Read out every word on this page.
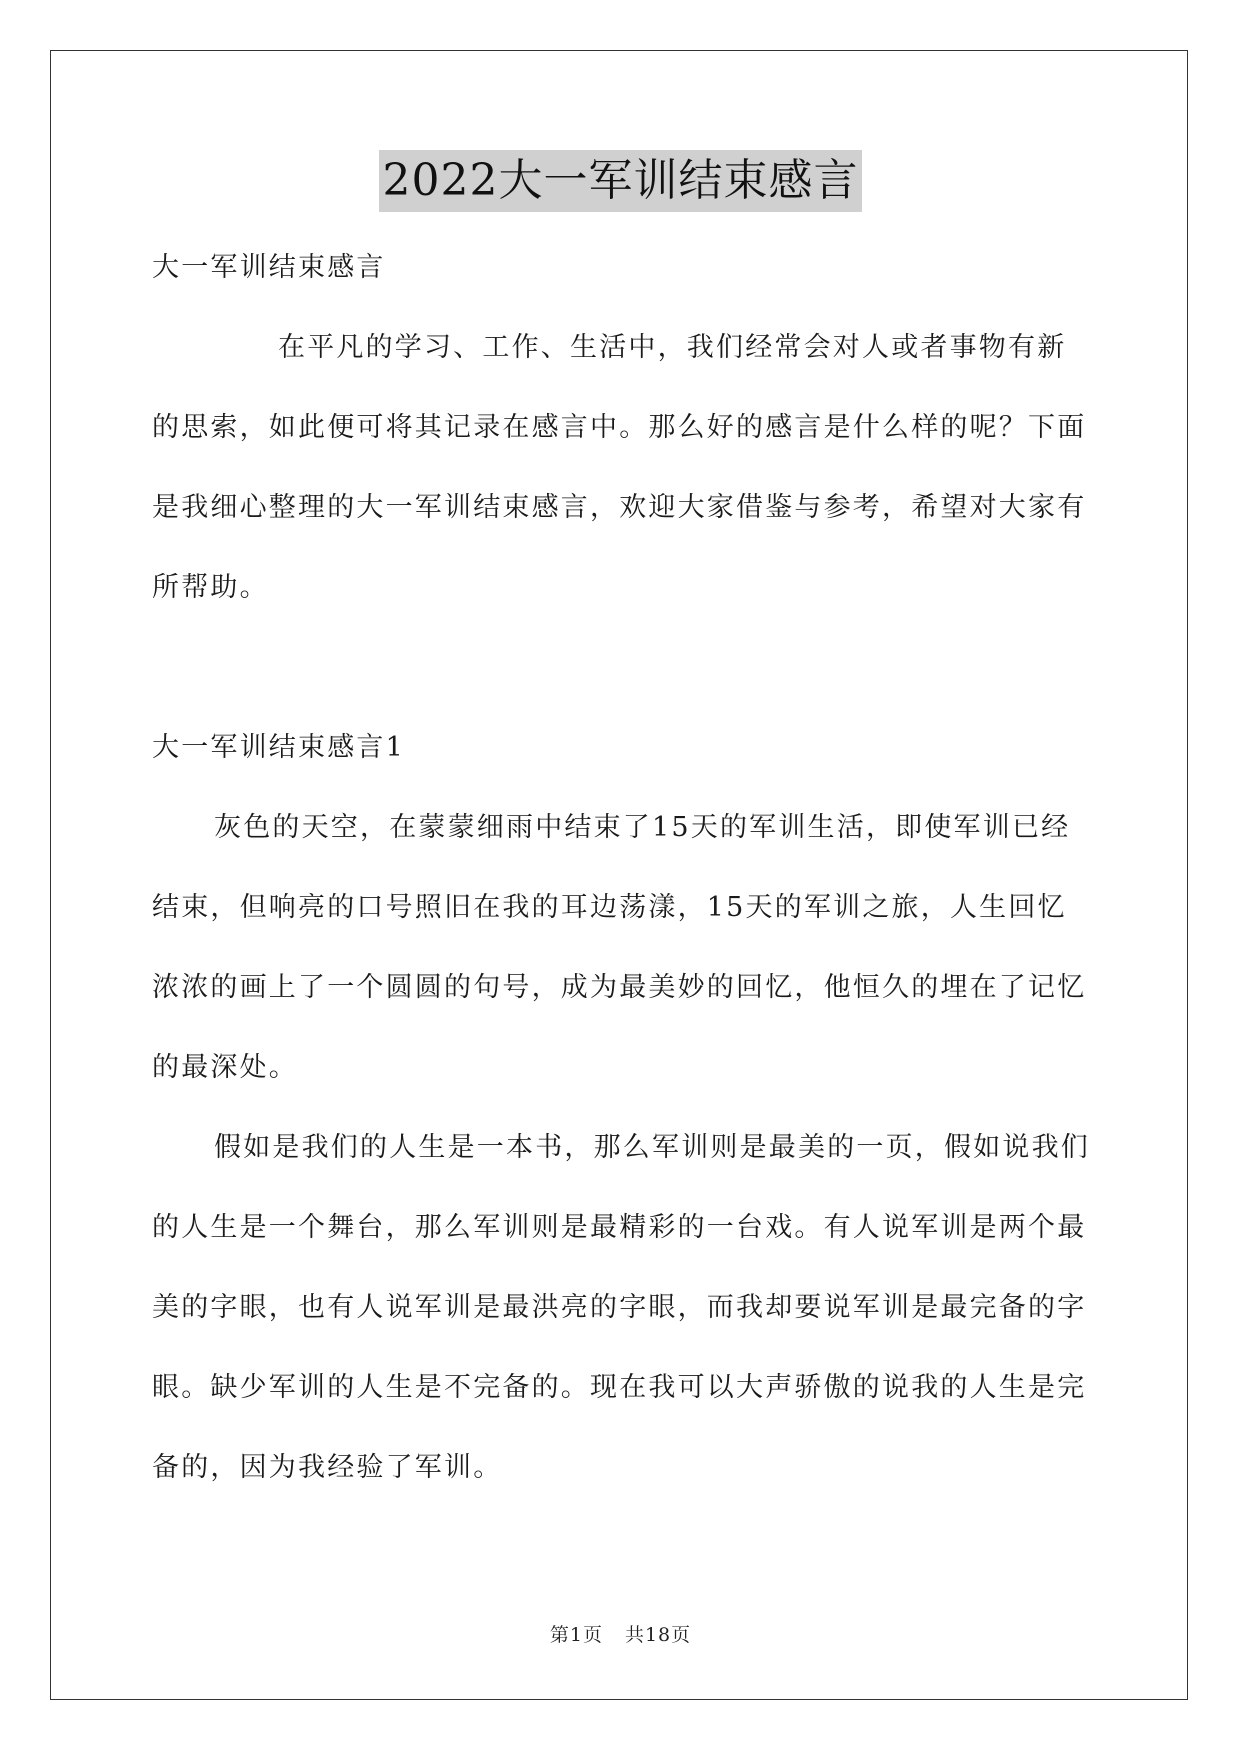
2022大一军训结束感言

大一军训结束感言

在平凡的学习、工作、生活中，我们经常会对人或者事物有新的思索，如此便可将其记录在感言中。那么好的感言是什么样的呢？下面是我细心整理的大一军训结束感言，欢迎大家借鉴与参考，希望对大家有所帮助。

大一军训结束感言1

灰色的天空，在蒙蒙细雨中结束了15天的军训生活，即使军训已经结束，但响亮的口号照旧在我的耳边荡漾，15天的军训之旅，人生回忆浓浓的画上了一个圆圆的句号，成为最美妙的回忆，他恒久的埋在了记忆的最深处。

假如是我们的人生是一本书，那么军训则是最美的一页，假如说我们的人生是一个舞台，那么军训则是最精彩的一台戏。有人说军训是两个最美的字眼，也有人说军训是最洪亮的字眼，而我却要说军训是最完备的字眼。缺少军训的人生是不完备的。现在我可以大声骄傲的说我的人生是完备的，因为我经验了军训。

第1页 共18页
